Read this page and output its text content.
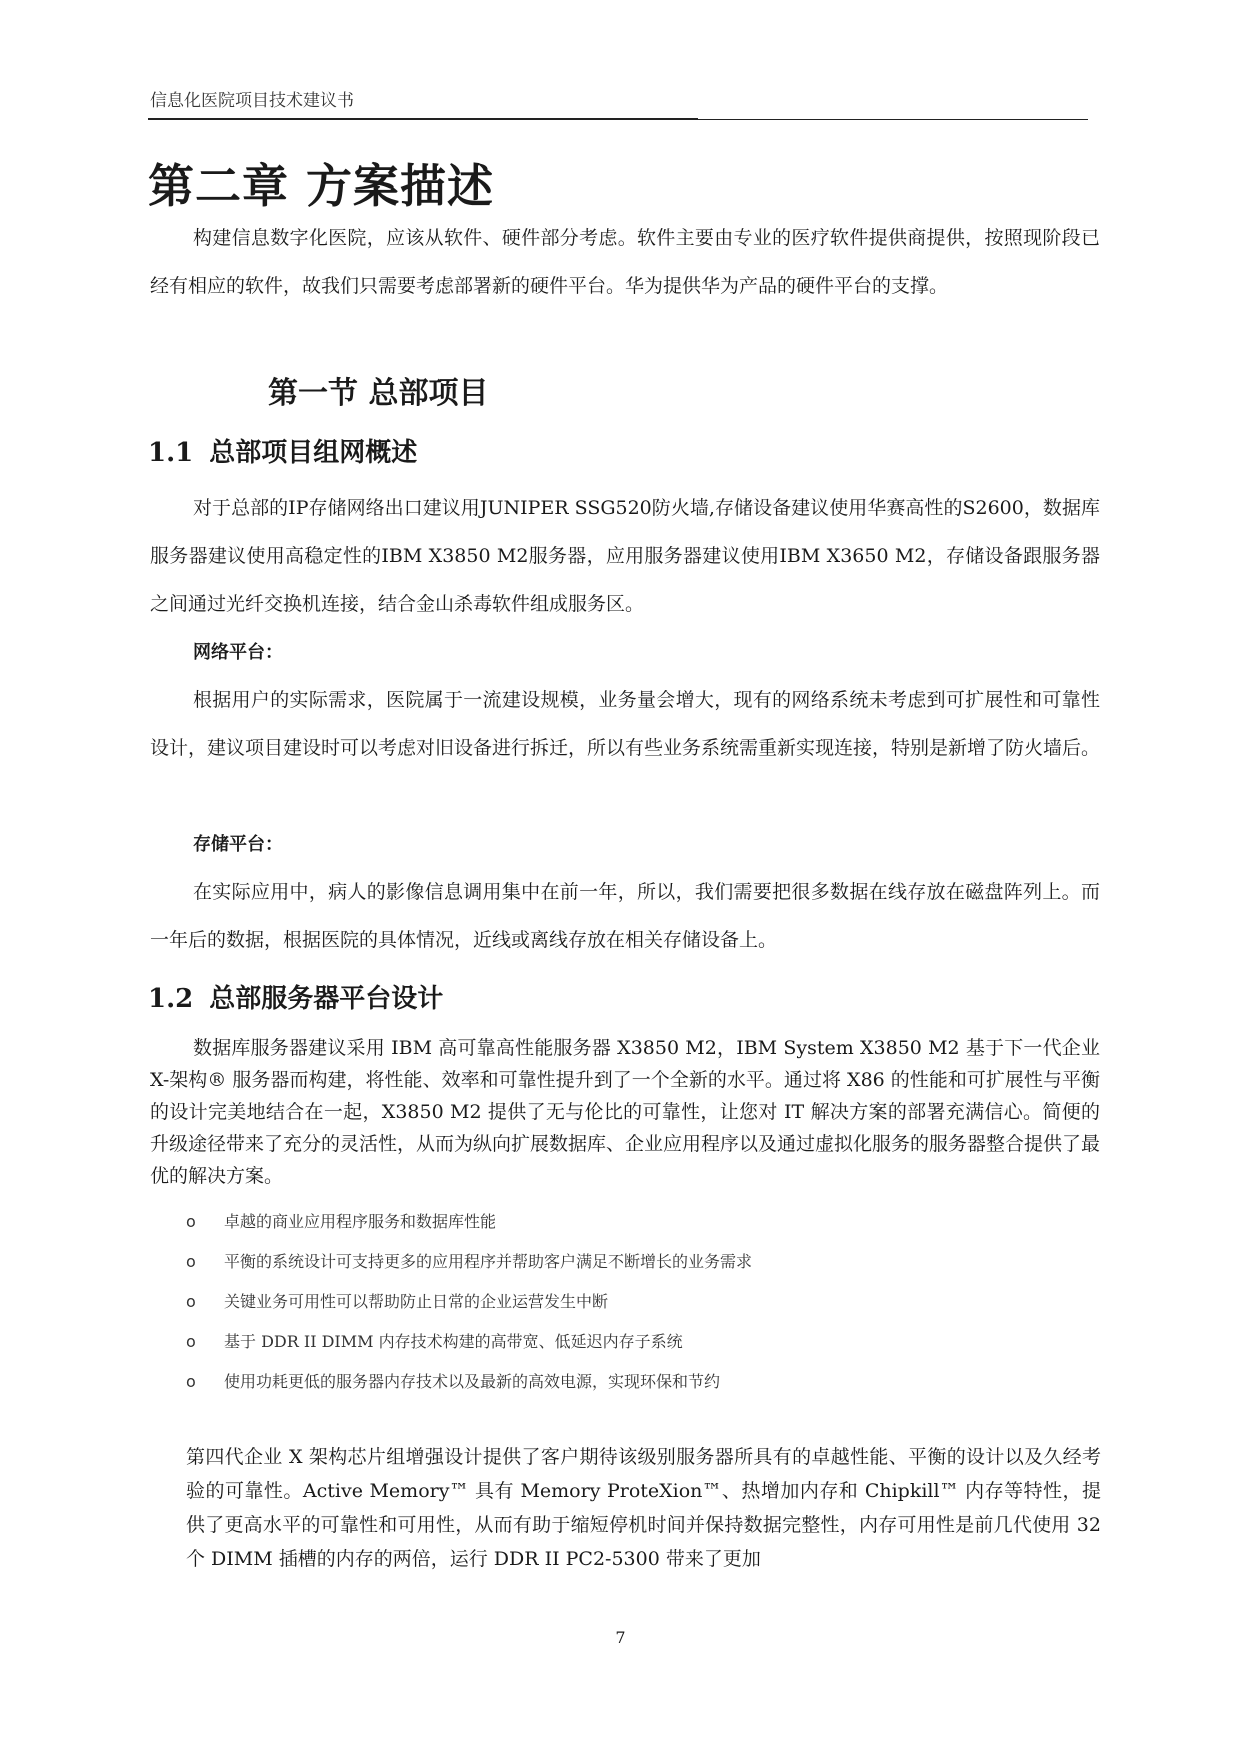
信息化医院项目技术建议书
第二章 方案描述

构建信息数字化医院，应该从软件、硬件部分考虑。软件主要由专业的医疗软件提供商提供，按照现阶段已经有相应的软件，故我们只需要考虑部署新的硬件平台。华为提供华为产品的硬件平台的支撑。

第一节 总部项目
1.1 总部项目组网概述

对于总部的IP存储网络出口建议用JUNIPER SSG520防火墙,存储设备建议使用华赛高性的S2600，数据库服务器建议使用高稳定性的IBM X3850 M2服务器，应用服务器建议使用IBM X3650 M2，存储设备跟服务器之间通过光纤交换机连接，结合金山杀毒软件组成服务区。

网络平台：

根据用户的实际需求，医院属于一流建设规模，业务量会增大，现有的网络系统未考虑到可扩展性和可靠性设计，建议项目建设时可以考虑对旧设备进行拆迁，所以有些业务系统需重新实现连接，特别是新增了防火墙后。

存储平台：

在实际应用中，病人的影像信息调用集中在前一年，所以，我们需要把很多数据在线存放在磁盘阵列上。而一年后的数据，根据医院的具体情况，近线或离线存放在相关存储设备上。

1.2 总部服务器平台设计

数据库服务器建议采用 IBM 高可靠高性能服务器 X3850 M2，IBM System X3850 M2 基于下一代企业 X-架构® 服务器而构建，将性能、效率和可靠性提升到了一个全新的水平。通过将 X86 的性能和可扩展性与平衡的设计完美地结合在一起，X3850 M2 提供了无与伦比的可靠性，让您对 IT 解决方案的部署充满信心。简便的升级途径带来了充分的灵活性，从而为纵向扩展数据库、企业应用程序以及通过虚拟化服务的服务器整合提供了最优的解决方案。

o	卓越的商业应用程序服务和数据库性能
o	平衡的系统设计可支持更多的应用程序并帮助客户满足不断增长的业务需求
o	关键业务可用性可以帮助防止日常的企业运营发生中断
o	基于 DDR II DIMM 内存技术构建的高带宽、低延迟内存子系统
o	使用功耗更低的服务器内存技术以及最新的高效电源，实现环保和节约

第四代企业 X 架构芯片组增强设计提供了客户期待该级别服务器所具有的卓越性能、平衡的设计以及久经考验的可靠性。Active Memory™ 具有 Memory ProteXion™、热增加内存和 Chipkill™ 内存等特性，提供了更高水平的可靠性和可用性，从而有助于缩短停机时间并保持数据完整性，内存可用性是前几代使用 32 个 DIMM 插槽的内存的两倍，运行 DDR II PC2-5300 带来了更加

7
